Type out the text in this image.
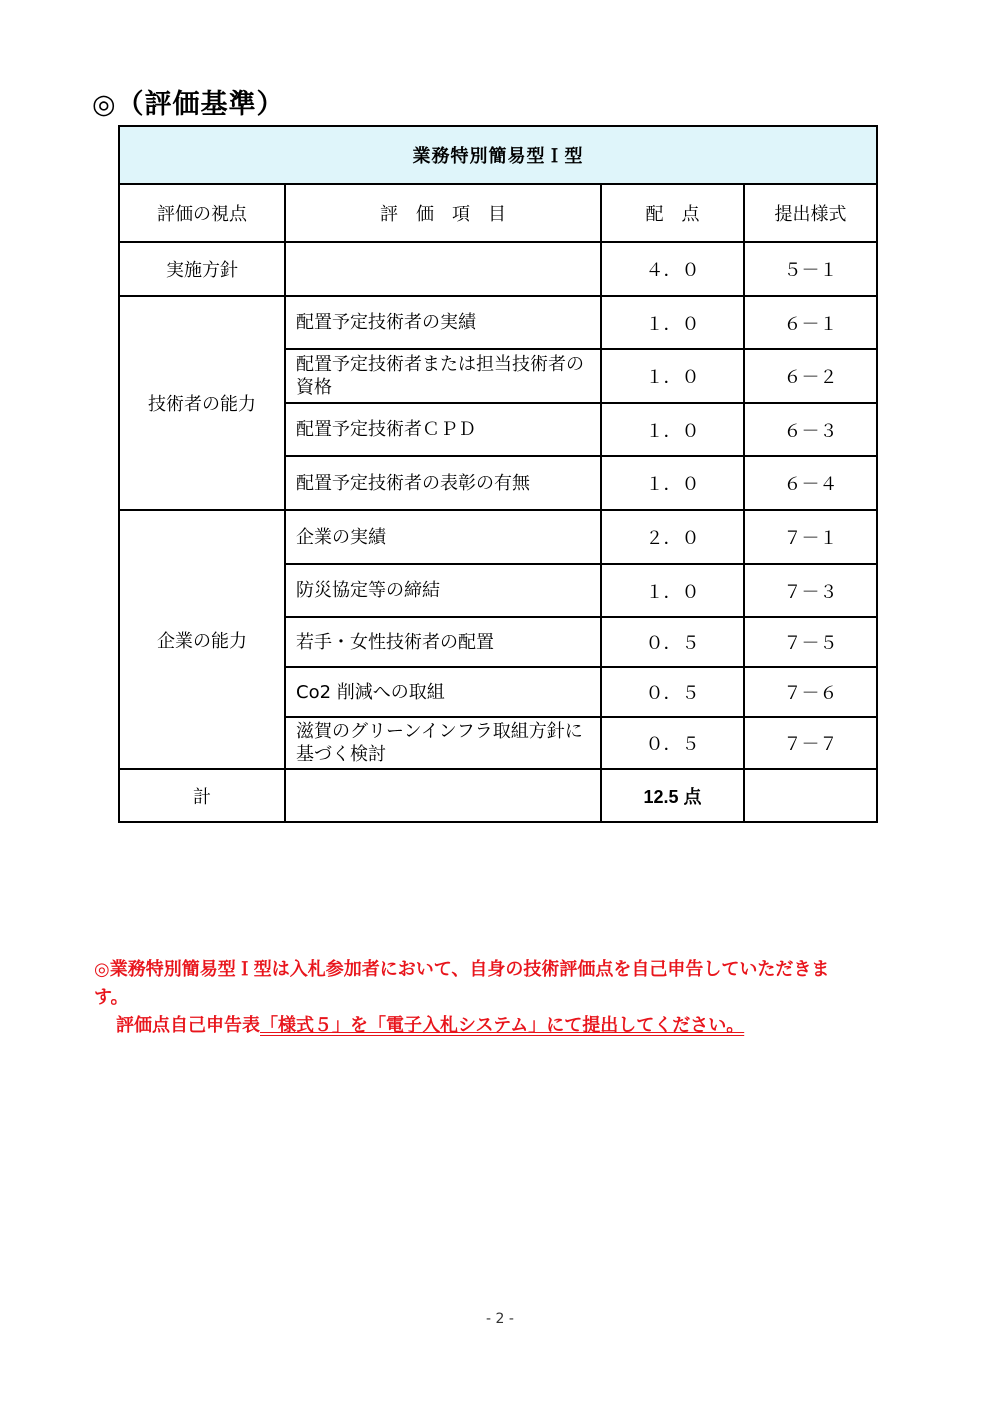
◎（評価基準）
業務特別簡易型Ｉ型			
評価の視点	評　価　項　目	配　点	提出様式
実施方針		４．０	５－１
技術者の能力	配置予定技術者の実績	１．０	６－１
	配置予定技術者または担当技術者の資格	１．０	６－２
	配置予定技術者ＣＰＤ	１．０	６－３
	配置予定技術者の表彰の有無	１．０	６－４
企業の能力	企業の実績	２．０	７－１
	防災協定等の締結	１．０	７－３
	若手・女性技術者の配置	０．５	７－５
	Co2 削減への取組	０．５	７－６
	滋賀のグリーンインフラ取組方針に基づく検討	０．５	７－７
計		12.5 点	
◎業務特別簡易型Ｉ型は入札参加者において、自身の技術評価点を自己申告していただきま
す。
評価点自己申告表「様式５」を「電子入札システム」にて提出してください。
- 2 -
